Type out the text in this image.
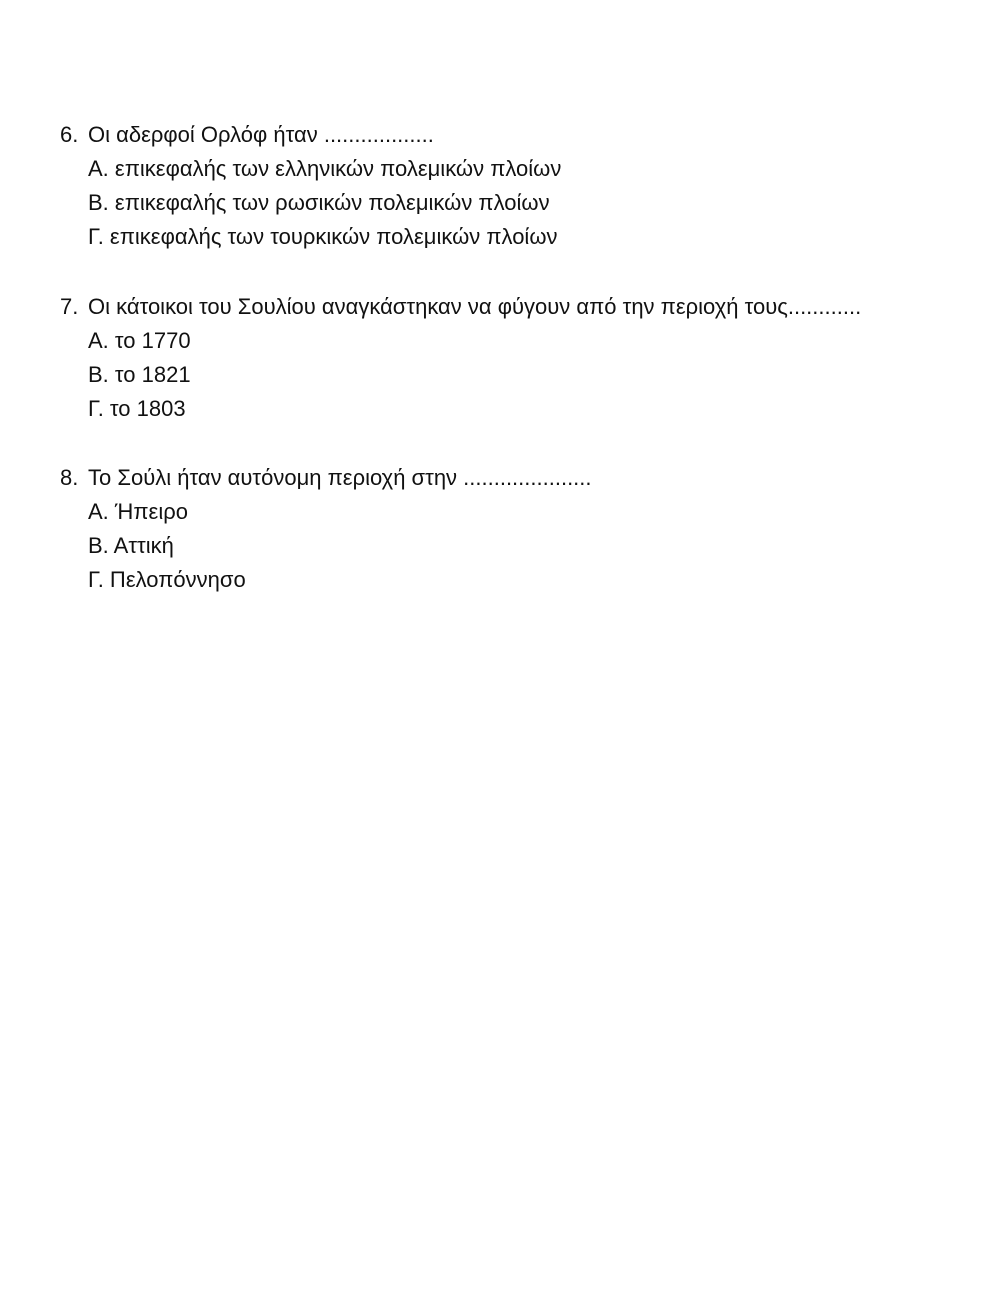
6. Οι αδερφοί Ορλόφ ήταν ..................
Α. επικεφαλής των ελληνικών πολεμικών πλοίων
Β. επικεφαλής των ρωσικών πολεμικών πλοίων
Γ. επικεφαλής των τουρκικών πολεμικών πλοίων
7. Οι κάτοικοι του Σουλίου αναγκάστηκαν να φύγουν από την περιοχή τους............
Α. το 1770
Β. το 1821
Γ. το 1803
8. Το Σούλι ήταν αυτόνομη περιοχή στην .....................
Α. Ήπειρο
Β. Αττική
Γ. Πελοπόννησο
